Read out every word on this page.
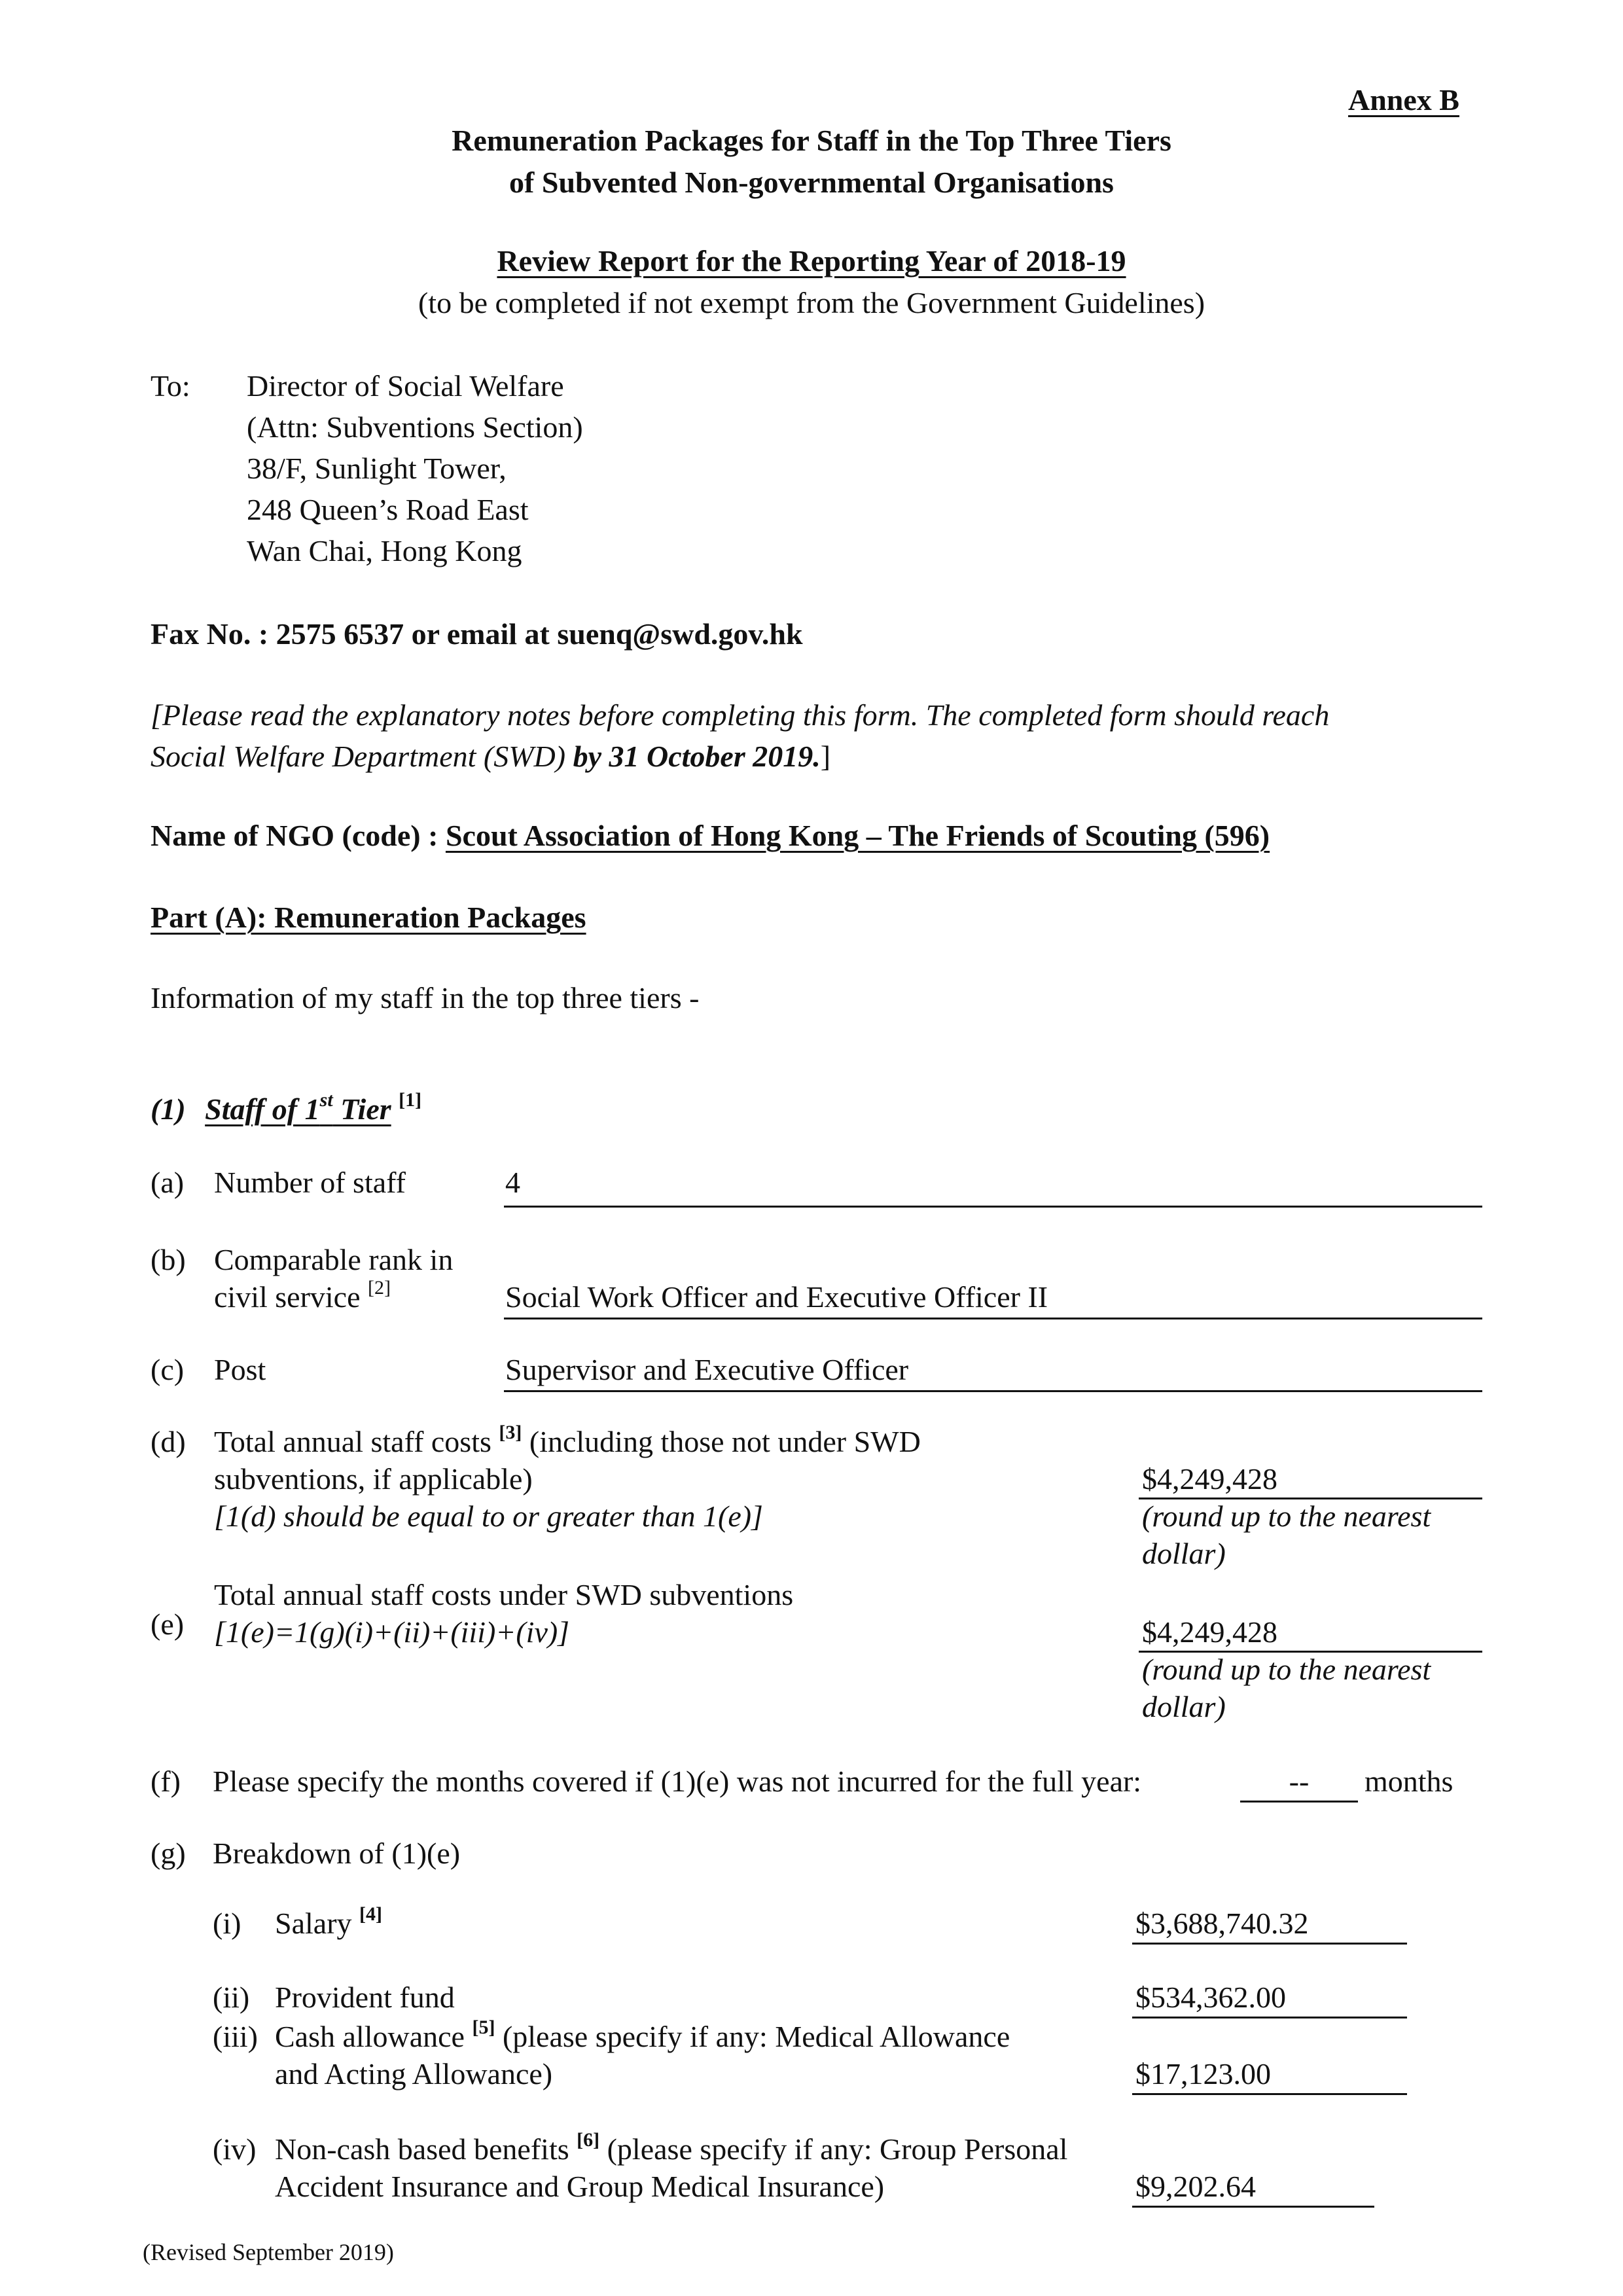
Annex B
Remuneration Packages for Staff in the Top Three Tiers
of Subvented Non-governmental Organisations
Review Report for the Reporting Year of 2018-19
(to be completed if not exempt from the Government Guidelines)
To: Director of Social Welfare
(Attn: Subventions Section)
38/F, Sunlight Tower,
248 Queen’s Road East
Wan Chai, Hong Kong
Fax No. : 2575 6537 or email at suenq@swd.gov.hk
[Please read the explanatory notes before completing this form. The completed form should reach
Social Welfare Department (SWD) by 31 October 2019.]
Name of NGO (code) : Scout Association of Hong Kong – The Friends of Scouting (596)
Part (A): Remuneration Packages
Information of my staff in the top three tiers -
(1) Staff of 1st Tier [1]
(a) Number of staff	4
(b) Comparable rank in
civil service [2]	Social Work Officer and Executive Officer II
(c) Post	Supervisor and Executive Officer
(d) Total annual staff costs [3] (including those not under SWD
subventions, if applicable)
[1(d) should be equal to or greater than 1(e)]
$4,249,428
(round up to the nearest
dollar)
Total annual staff costs under SWD subventions
(e) [1(e)=1(g)(i)+(ii)+(iii)+(iv)]	$4,249,428
(round up to the nearest
dollar)
(f) Please specify the months covered if (1)(e) was not incurred for the full year:	--	months
(g) Breakdown of (1)(e)
(i) Salary [4]	$3,688,740.32
(ii) Provident fund	$534,362.00
(iii) Cash allowance [5] (please specify if any: Medical Allowance
and Acting Allowance)	$17,123.00
(iv) Non-cash based benefits [6] (please specify if any: Group Personal
Accident Insurance and Group Medical Insurance)	$9,202.64
(Revised September 2019)
